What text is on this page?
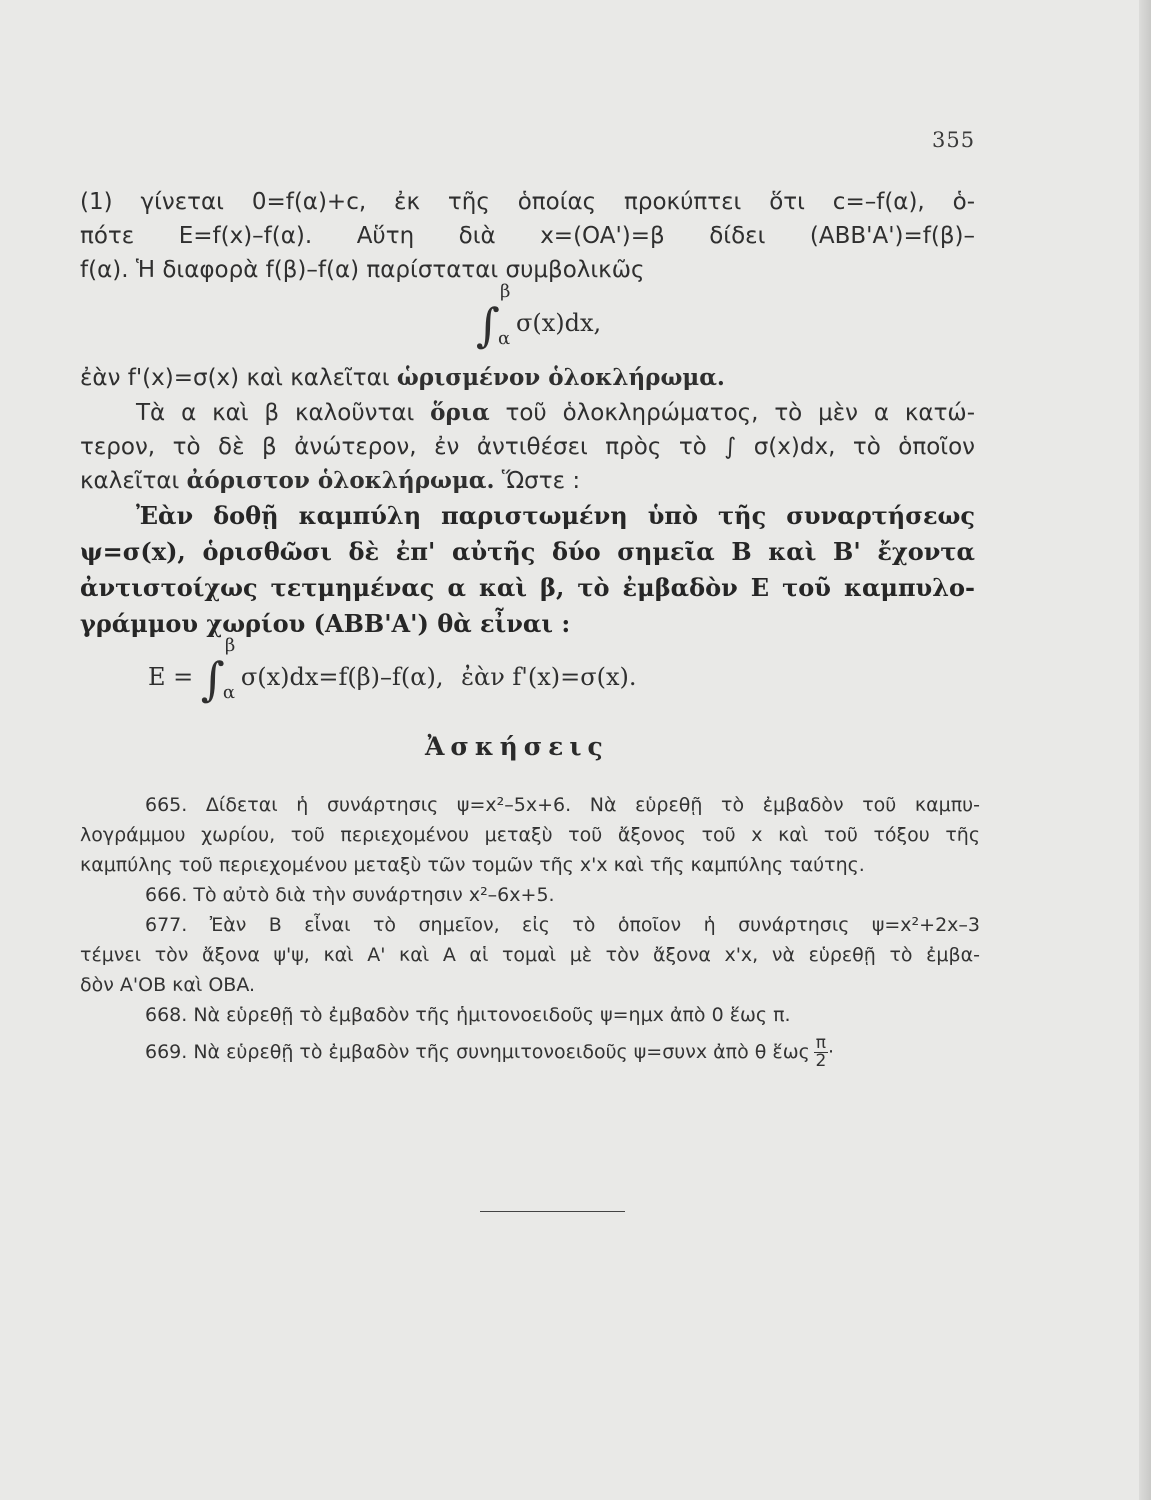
355
(1) γίνεται 0=f(α)+c, ἐκ τῆς ὁποίας προκύπτει ὅτι c=–f(α), ὁ-
πότε E=f(x)–f(α). Αὕτη διὰ x=(OA')=β δίδει (ABB'A')=f(β)–
f(α). Ἡ διαφορὰ f(β)–f(α) παρίσταται συμβολικῶς
∫
β
α
σ(x)dx,
ἐὰν f'(x)=σ(x) καὶ καλεῖται ὡρισμένον ὁλοκλήρωμα.
Τὰ α καὶ β καλοῦνται ὅρια τοῦ ὁλοκληρώματος, τὸ μὲν α κατώ-
τερον, τὸ δὲ β ἀνώτερον, ἐν ἀντιθέσει πρὸς τὸ ∫ σ(x)dx, τὸ ὁποῖον
καλεῖται ἀόριστον ὁλοκλήρωμα. Ὥστε :
Ἐὰν δοθῇ καμπύλη παριστωμένη ὑπὸ τῆς συναρτήσεως
ψ=σ(x), ὁρισθῶσι δὲ ἐπ' αὐτῆς δύο σημεῖα B καὶ B' ἔχοντα
ἀντιστοίχως τετμημένας α καὶ β, τὸ ἐμβαδὸν E τοῦ καμπυλο-
γράμμου χωρίου (ABB'A') θὰ εἶναι :
E = ∫
β
α
σ(x)dx=f(β)–f(α), ἐὰν f'(x)=σ(x).
Ἀσκήσεις
665. Δίδεται ἡ συνάρτησις ψ=x²–5x+6. Νὰ εὑρεθῇ τὸ ἐμβαδὸν τοῦ καμπυ-
λογράμμου χωρίου, τοῦ περιεχομένου μεταξὺ τοῦ ἄξονος τοῦ x καὶ τοῦ τόξου τῆς
καμπύλης τοῦ περιεχομένου μεταξὺ τῶν τομῶν τῆς x'x καὶ τῆς καμπύλης ταύτης.
666. Τὸ αὐτὸ διὰ τὴν συνάρτησιν x²–6x+5.
677. Ἐὰν B εἶναι τὸ σημεῖον, εἰς τὸ ὁποῖον ἡ συνάρτησις ψ=x²+2x–3
τέμνει τὸν ἄξονα ψ'ψ, καὶ A' καὶ A αἱ τομαὶ μὲ τὸν ἄξονα x'x, νὰ εὑρεθῇ τὸ ἐμβα-
δὸν A'OB καὶ OBA.
668. Νὰ εὑρεθῇ τὸ ἐμβαδὸν τῆς ἡμιτονοειδοῦς ψ=ημx ἀπὸ 0 ἕως π.
669. Νὰ εὑρεθῇ τὸ ἐμβαδὸν τῆς συνημιτονοειδοῦς ψ=συνx ἀπὸ θ ἕως $\frac{\pi}{2}$ ·
